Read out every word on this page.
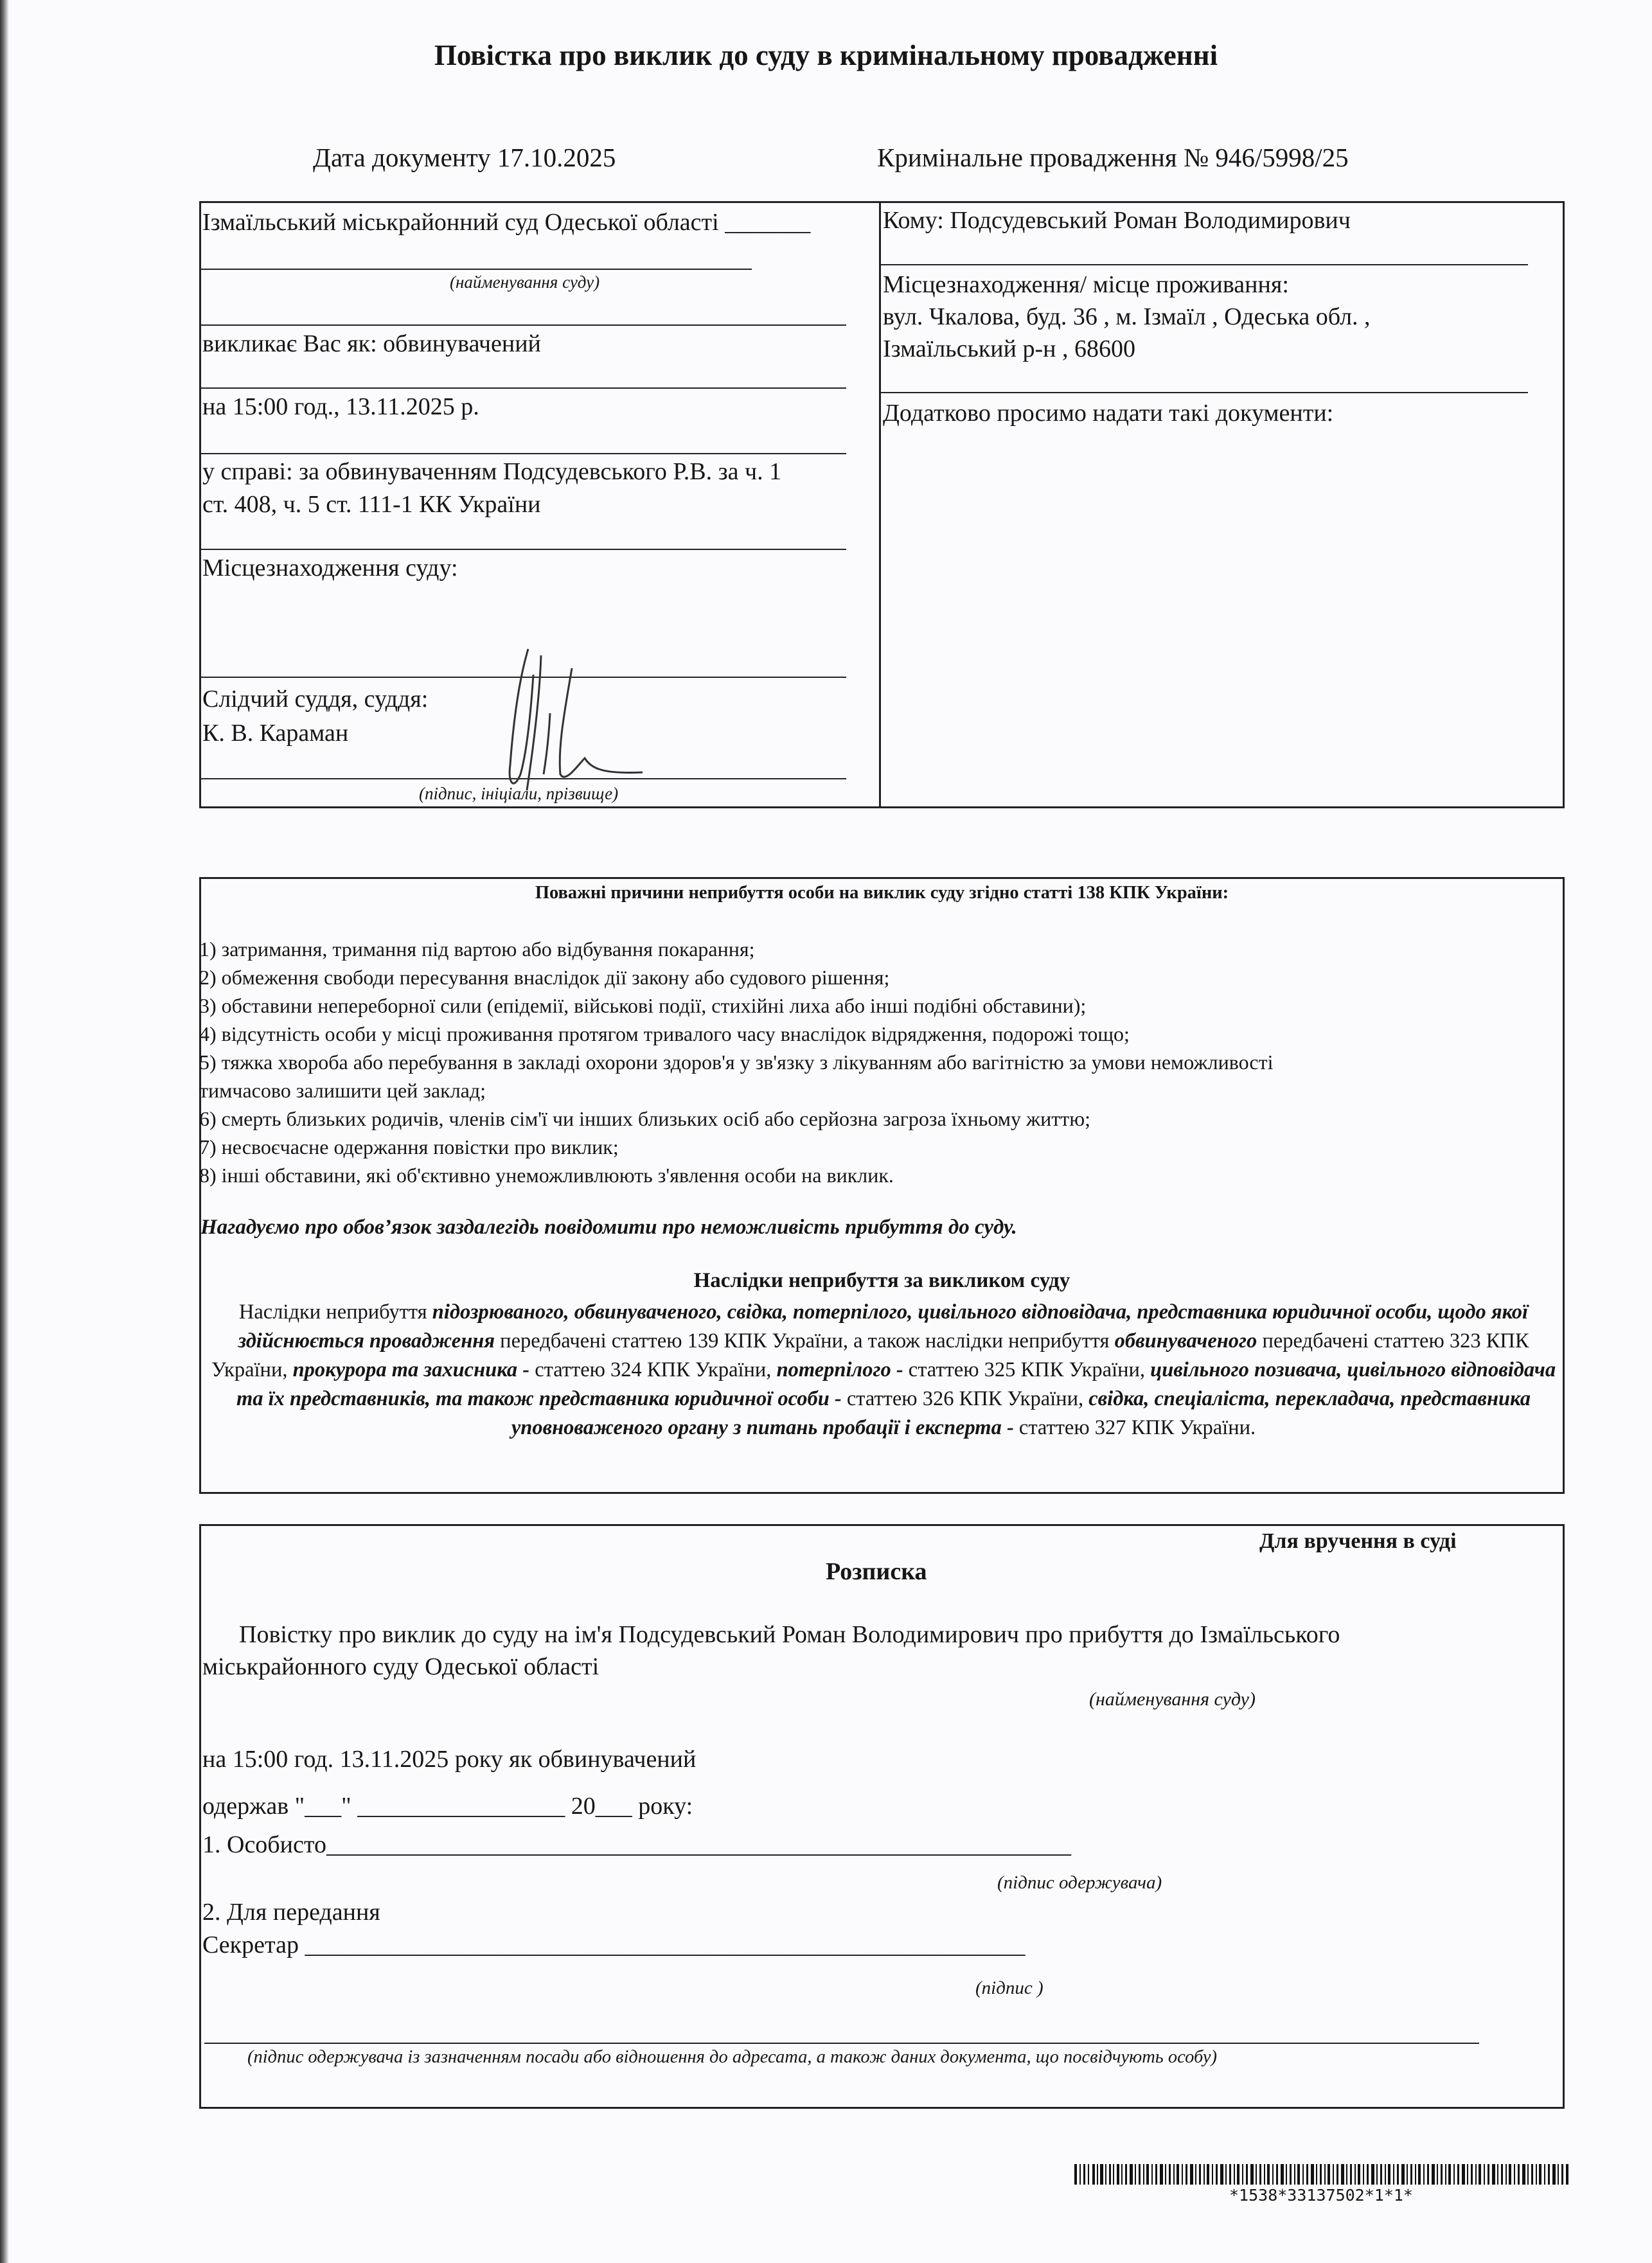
Повістка про виклик до суду в кримінальному провадженні
Дата документу 17.10.2025	Кримінальне провадження № 946/5998/25
Ізмаїльський міськрайонний суд Одеської області _______
(найменування суду)
викликає Вас як: обвинувачений
на 15:00 год., 13.11.2025 р.
у справі: за обвинуваченням Подсудевського Р.В. за ч. 1
ст. 408, ч. 5 ст. 111-1 КК України
Місцезнаходження суду:
Слідчий суддя, суддя:
К. В. Караман
(підпис, ініціали, прізвище)
Кому: Подсудевський Роман Володимирович
Місцезнаходження/ місце проживання:
вул. Чкалова, буд. 36 , м. Ізмаїл , Одеська обл. ,
Ізмаїльський р-н , 68600
Додатково просимо надати такі документи:
Поважні причини неприбуття особи на виклик суду згідно статті 138 КПК України:
1) затримання, тримання під вартою або відбування покарання;
2) обмеження свободи пересування внаслідок дії закону або судового рішення;
3) обставини непереборної сили (епідемії, військові події, стихійні лиха або інші подібні обставини);
4) відсутність особи у місці проживання протягом тривалого часу внаслідок відрядження, подорожі тощо;
5) тяжка хвороба або перебування в закладі охорони здоров'я у зв'язку з лікуванням або вагітністю за умови неможливості
тимчасово залишити цей заклад;
6) смерть близьких родичів, членів сім'ї чи інших близьких осіб або серйозна загроза їхньому життю;
7) несвоєчасне одержання повістки про виклик;
8) інші обставини, які об'єктивно унеможливлюють з'явлення особи на виклик.
Нагадуємо про обов’язок заздалегідь повідомити про неможливість прибуття до суду.
Наслідки неприбуття за викликом суду
Наслідки неприбуття підозрюваного, обвинуваченого, свідка, потерпілого, цивільного відповідача, представника юридичної особи, щодо якої здійснюється провадження передбачені статтею 139 КПК України, а також наслідки неприбуття обвинуваченого передбачені статтею 323 КПК України, прокурора та захисника - статтею 324 КПК України, потерпілого - статтею 325 КПК України, цивільного позивача, цивільного відповідача та їх представників, та також представника юридичної особи - статтею 326 КПК України, свідка, спеціаліста, перекладача, представника уповноваженого органу з питань пробації і експерта - статтею 327 КПК України.
Для вручення в суді
Розписка
Повістку про виклик до суду на ім'я Подсудевський Роман Володимирович про прибуття до Ізмаїльського
міськрайонного суду Одеської області
(найменування суду)
на 15:00 год. 13.11.2025 року як обвинувачений
одержав "___" _________________ 20___ року:
1. Особисто_____________________________________________________________
(підпис одержувача)
2. Для передання
Секретар ___________________________________________________________
(підпис )
(підпис одержувача із зазначенням посади або відношення до адресата, а також даних документа, що посвідчують особу)
*1538*33137502*1*1*
